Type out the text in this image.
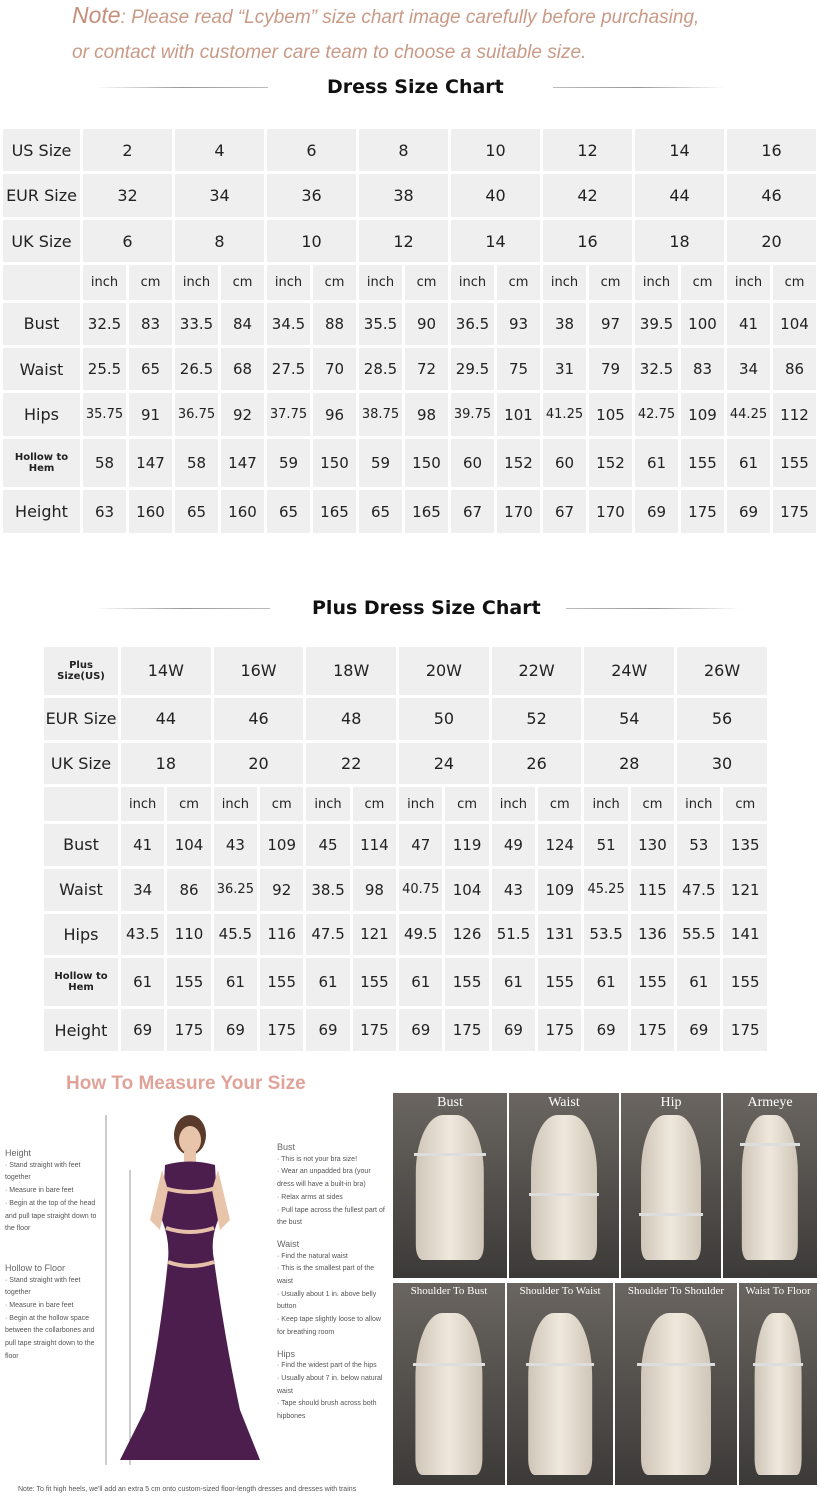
Note: Please read “Lcybem” size chart image carefully before purchasing,
or contact with customer care team to choose a suitable size.
Dress Size Chart
US Size	2		4		6		8		10		12		14		16	
EUR Size	32		34		36		38		40		42		44		46	
UK Size	6		8		10		12		14		16		18		20	
	inch	cm	inch	cm	inch	cm	inch	cm	inch	cm	inch	cm	inch	cm	inch	cm
Bust	32.5	83	33.5	84	34.5	88	35.5	90	36.5	93	38	97	39.5	100	41	104
Waist	25.5	65	26.5	68	27.5	70	28.5	72	29.5	75	31	79	32.5	83	34	86
Hips	35.75	91	36.75	92	37.75	96	38.75	98	39.75	101	41.25	105	42.75	109	44.25	112
Hollow to Hem	58	147	58	147	59	150	59	150	60	152	60	152	61	155	61	155
Height	63	160	65	160	65	165	65	165	67	170	67	170	69	175	69	175
Plus Dress Size Chart
Plus Size(US)	14W		16W		18W		20W		22W		24W		26W	
EUR Size	44		46		48		50		52		54		56	
UK Size	18		20		22		24		26		28		30	
	inch	cm	inch	cm	inch	cm	inch	cm	inch	cm	inch	cm	inch	cm
Bust	41	104	43	109	45	114	47	119	49	124	51	130	53	135
Waist	34	86	36.25	92	38.5	98	40.75	104	43	109	45.25	115	47.5	121
Hips	43.5	110	45.5	116	47.5	121	49.5	126	51.5	131	53.5	136	55.5	141
Hollow to Hem	61	155	61	155	61	155	61	155	61	155	61	155	61	155
Height	69	175	69	175	69	175	69	175	69	175	69	175	69	175
How To Measure Your Size
Height
· Stand straight with feet together
· Measure in bare feet
· Begin at the top of the head and pull tape straight down to the floor
Hollow to Floor
· Stand straight with feet together
· Measure in bare feet
· Begin at the hollow space between the collarbones and pull tape straight down to the floor
Bust
· This is not your bra size!
· Wear an unpadded bra (your dress will have a built-in bra)
· Relax arms at sides
· Pull tape across the fullest part of the bust
Waist
· Find the natural waist
· This is the smallest part of the waist
· Usually about 1 in. above belly button
· Keep tape slightly loose to allow for breathing room
Hips
· Find the widest part of the hips
· Usually about 7 in. below natural waist
· Tape should brush across both hipbones
Note: To fit high heels, we'll add an extra 5 cm onto custom-sized floor-length dresses and dresses with trains
Bust	Waist	Hip	Armeye
Shoulder To Bust	Shoulder To Waist	Shoulder To Shoulder	Waist To Floor
